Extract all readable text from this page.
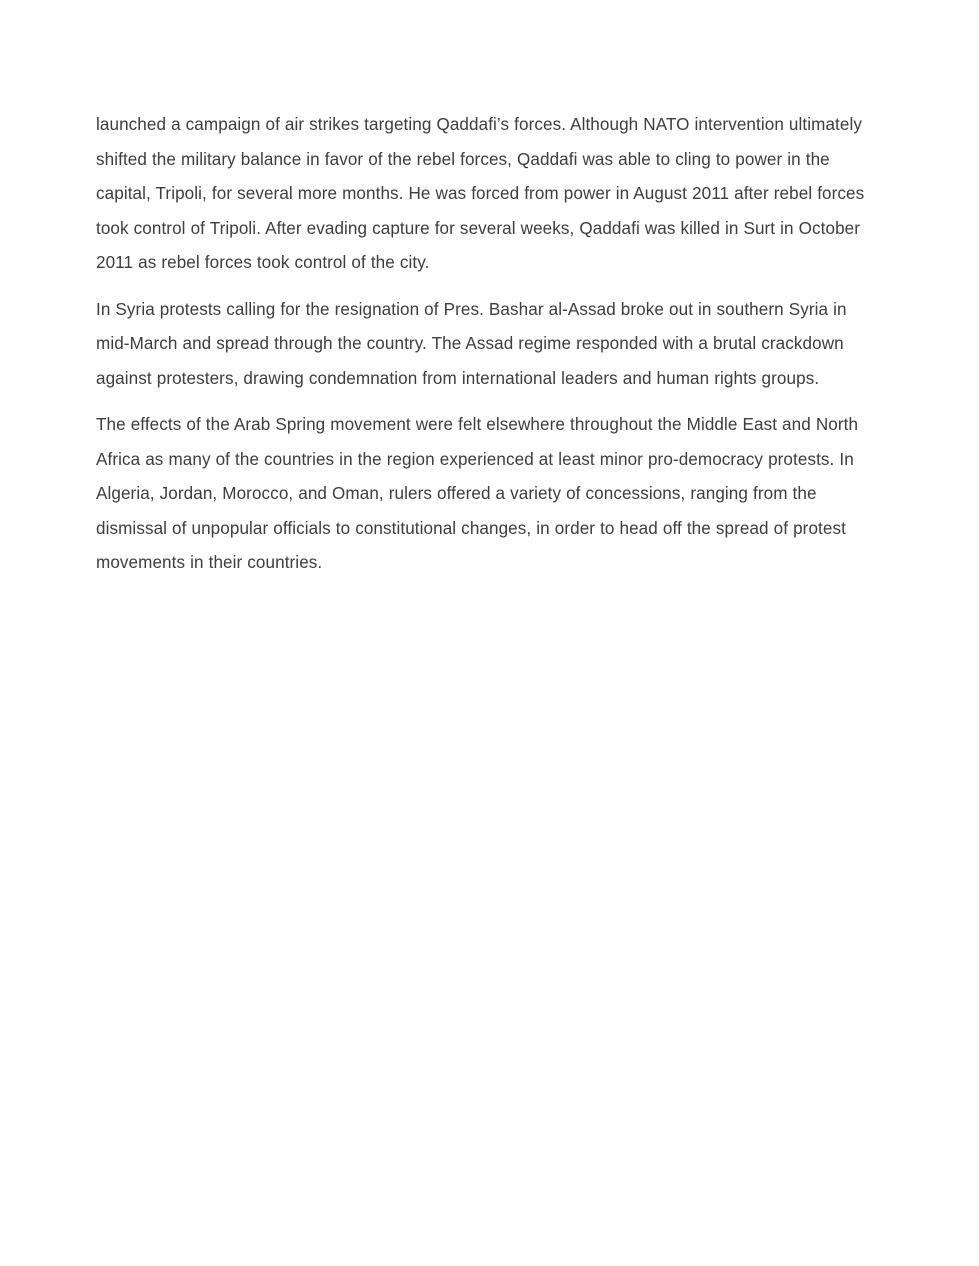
launched a campaign of air strikes targeting Qaddafi’s forces. Although NATO intervention ultimately shifted the military balance in favor of the rebel forces, Qaddafi was able to cling to power in the capital, Tripoli, for several more months. He was forced from power in August 2011 after rebel forces took control of Tripoli. After evading capture for several weeks, Qaddafi was killed in Surt in October 2011 as rebel forces took control of the city.

In Syria protests calling for the resignation of Pres. Bashar al-Assad broke out in southern Syria in mid-March and spread through the country. The Assad regime responded with a brutal crackdown against protesters, drawing condemnation from international leaders and human rights groups.

The effects of the Arab Spring movement were felt elsewhere throughout the Middle East and North Africa as many of the countries in the region experienced at least minor pro-democracy protests. In Algeria, Jordan, Morocco, and Oman, rulers offered a variety of concessions, ranging from the dismissal of unpopular officials to constitutional changes, in order to head off the spread of protest movements in their countries.
